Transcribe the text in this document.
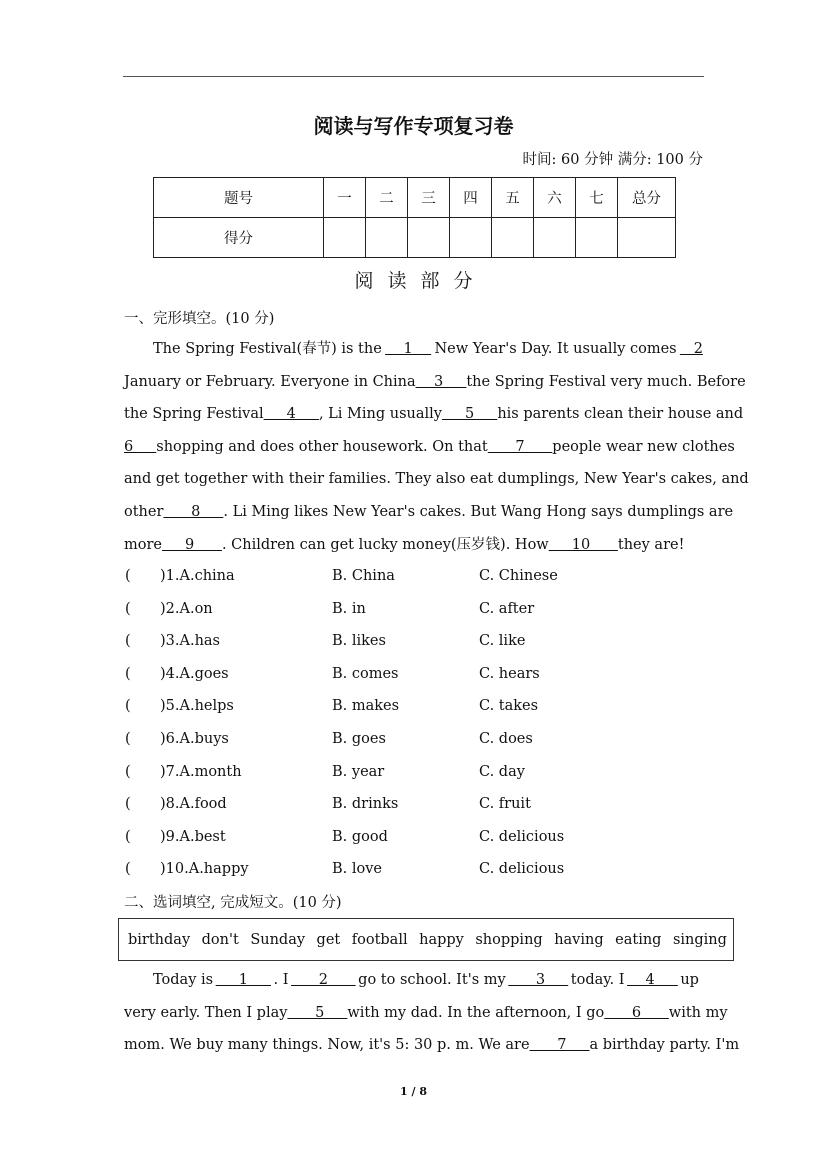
阅读与写作专项复习卷
时间: 60 分钟 满分: 100 分
题号	一	二	三	四	五	六	七	总分
得分								
阅读部分
一、完形填空。(10 分)
　　The Spring Festival(春节) is the 1 New Year's Day. It usually comes 2
January or February. Everyone in China 3 the Spring Festival very much. Before
the Spring Festival 4 , Li Ming usually 5 his parents clean their house and
6 shopping and does other housework. On that 7 people wear new clothes
and get together with their families. They also eat dumplings, New Year's cakes, and
other 8 . Li Ming likes New Year's cakes. But Wang Hong says dumplings are
more 9 . Children can get lucky money(压岁钱). How 10 they are!
( )1.A.china	B. China	C. Chinese
( )2.A.on	B. in	C. after
( )3.A.has	B. likes	C. like
( )4.A.goes	B. comes	C. hears
( )5.A.helps	B. makes	C. takes
( )6.A.buys	B. goes	C. does
( )7.A.month	B. year	C. day
( )8.A.food	B. drinks	C. fruit
( )9.A.best	B. good	C. delicious
( )10.A.happy	B. love	C. delicious
二、选词填空, 完成短文。(10 分)
birthday don't Sunday get football happy shopping having eating singing
　　Today is 1 . I 2 go to school. It's my 3 today. I 4 up
very early. Then I play 5 with my dad. In the afternoon, I go 6 with my
mom. We buy many things. Now, it's 5: 30 p. m. We are 7 a birthday party. I'm
1 / 8
